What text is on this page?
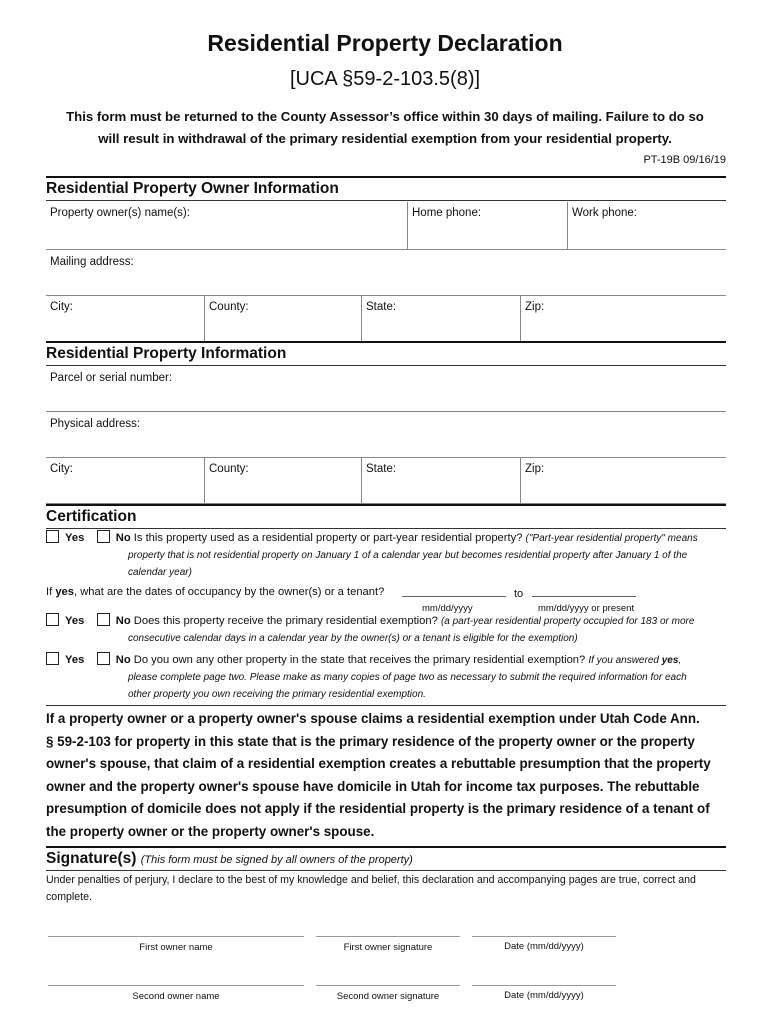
Residential Property Declaration
[UCA §59-2-103.5(8)]
This form must be returned to the County Assessor’s office within 30 days of mailing. Failure to do so
will result in withdrawal of the primary residential exemption from your residential property.
PT-19B 09/16/19
Residential Property Owner Information
Property owner(s) name(s):	Home phone:	Work phone:
Mailing address:
City:	County:	State:	Zip:
Residential Property Information
Parcel or serial number:
Physical address:
City:	County:	State:	Zip:
Certification
Yes	No Is this property used as a residential property or part-year residential property? ("Part-year residential property" means
property that is not residential property on January 1 of a calendar year but becomes residential property after January 1 of the
calendar year)
If yes, what are the dates of occupancy by the owner(s) or a tenant?	to
mm/dd/yyyy	mm/dd/yyyy or present
Yes	No Does this property receive the primary residential exemption? (a part-year residential property occupied for 183 or more
consecutive calendar days in a calendar year by the owner(s) or a tenant is eligible for the exemption)
Yes	No Do you own any other property in the state that receives the primary residential exemption? If you answered yes,
please complete page two. Please make as many copies of page two as necessary to submit the required information for each
other property you own receiving the primary residential exemption.
If a property owner or a property owner's spouse claims a residential exemption under Utah Code Ann.
§ 59-2-103 for property in this state that is the primary residence of the property owner or the property
owner's spouse, that claim of a residential exemption creates a rebuttable presumption that the property
owner and the property owner's spouse have domicile in Utah for income tax purposes. The rebuttable
presumption of domicile does not apply if the residential property is the primary residence of a tenant of
the property owner or the property owner's spouse.
Signature(s) (This form must be signed by all owners of the property)
Under penalties of perjury, I declare to the best of my knowledge and belief, this declaration and accompanying pages are true, correct and
complete.
First owner name	First owner signature	Date (mm/dd/yyyy)
Second owner name	Second owner signature	Date (mm/dd/yyyy)
